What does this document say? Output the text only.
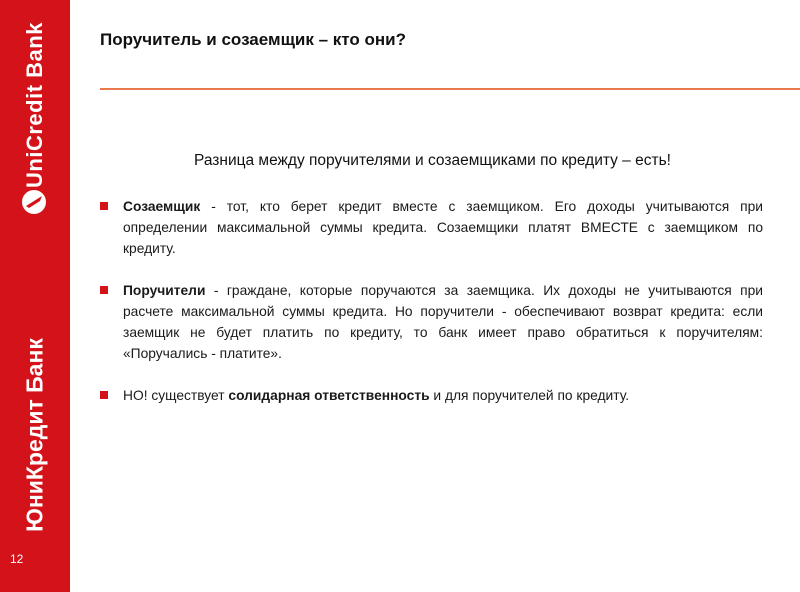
UniCredit Bank
ЮниКредит Банк
12
Поручитель и созаемщик – кто они?
Разница между поручителями и созаемщиками по кредиту – есть!
Созаемщик - тот, кто берет кредит вместе с заемщиком. Его доходы учитываются при определении максимальной суммы кредита. Созаемщики платят ВМЕСТЕ с заемщиком по кредиту.
Поручители - граждане, которые поручаются за заемщика. Их доходы не учитываются при расчете максимальной суммы кредита. Но поручители - обеспечивают возврат кредита: если заемщик не будет платить по кредиту, то банк имеет право обратиться к поручителям: «Поручались - платите».
НО! существует солидарная ответственность и для поручителей по кредиту.
